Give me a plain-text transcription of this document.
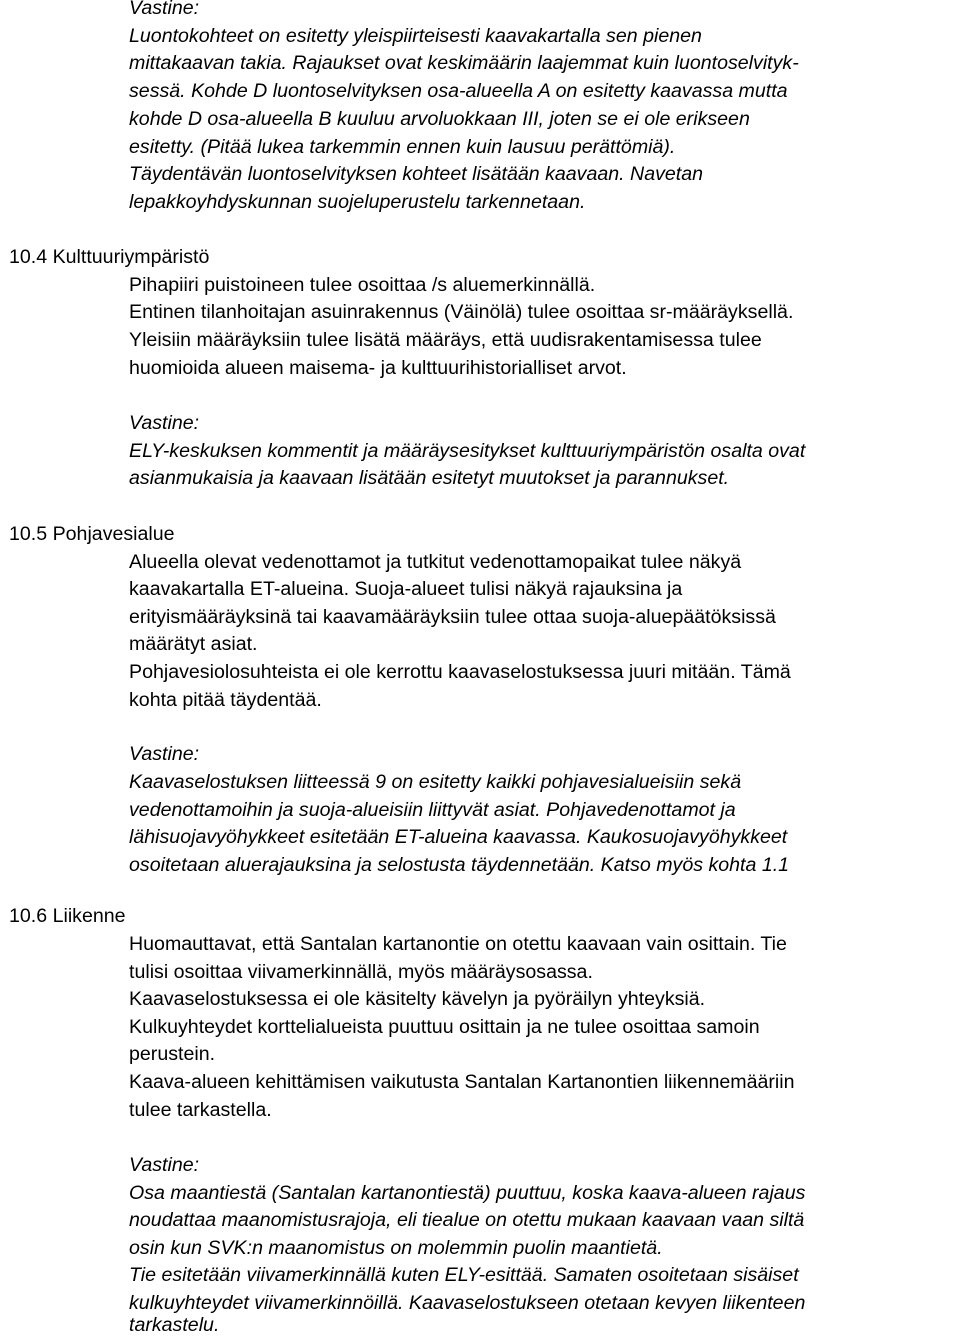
Vastine:

Luontokohteet on esitetty yleispiirteisesti kaavakartalla sen pienen

mittakaavan takia. Rajaukset ovat keskimäärin laajemmat kuin luontoselvityk-

sessä. Kohde D luontoselvityksen osa-alueella A on esitetty kaavassa mutta

kohde D osa-alueella B kuuluu arvoluokkaan III, joten se ei ole erikseen

esitetty. (Pitää lukea tarkemmin ennen kuin lausuu perättömiä).

Täydentävän luontoselvityksen kohteet lisätään kaavaan. Navetan

lepakkoyhdyskunnan suojeluperustelu tarkennetaan.

10.4 Kulttuuriympäristö

Pihapiiri puistoineen tulee osoittaa /s aluemerkinnällä.

Entinen tilanhoitajan asuinrakennus (Väinölä) tulee osoittaa sr-määräyksellä.

Yleisiin määräyksiin tulee lisätä määräys, että uudisrakentamisessa tulee

huomioida alueen maisema- ja kulttuurihistorialliset arvot.

Vastine:

ELY-keskuksen kommentit ja määräysesitykset kulttuuriympäristön osalta ovat

asianmukaisia ja kaavaan lisätään esitetyt muutokset ja parannukset.

10.5 Pohjavesialue

Alueella olevat vedenottamot ja tutkitut vedenottamopaikat tulee näkyä

kaavakartalla ET-alueina. Suoja-alueet tulisi näkyä rajauksina ja

erityismääräyksinä tai kaavamääräyksiin tulee ottaa suoja-aluepäätöksissä

määrätyt asiat.

Pohjavesiolosuhteista ei ole kerrottu kaavaselostuksessa juuri mitään. Tämä

kohta pitää täydentää.

Vastine:

Kaavaselostuksen liitteessä 9 on esitetty kaikki pohjavesialueisiin sekä

vedenottamoihin ja suoja-alueisiin liittyvät asiat. Pohjavedenottamot ja

lähisuojavyöhykkeet esitetään ET-alueina kaavassa. Kaukosuojavyöhykkeet

osoitetaan aluerajauksina ja selostusta täydennetään. Katso myös kohta 1.1

10.6 Liikenne

Huomauttavat, että Santalan kartanontie on otettu kaavaan vain osittain. Tie

tulisi osoittaa viivamerkinnällä, myös määräysosassa.

Kaavaselostuksessa ei ole käsitelty kävelyn ja pyöräilyn yhteyksiä.

Kulkuyhteydet korttelialueista puuttuu osittain ja ne tulee osoittaa samoin

perustein.

Kaava-alueen kehittämisen vaikutusta Santalan Kartanontien liikennemääriin

tulee tarkastella.

Vastine:

Osa maantiestä (Santalan kartanontiestä) puuttuu, koska kaava-alueen rajaus

noudattaa maanomistusrajoja, eli tiealue on otettu mukaan kaavaan vaan siltä

osin kun SVK:n maanomistus on molemmin puolin maantietä.

Tie esitetään viivamerkinnällä kuten ELY-esittää. Samaten osoitetaan sisäiset

kulkuyhteydet viivamerkinnöillä. Kaavaselostukseen otetaan kevyen liikenteen

tarkastelu.
